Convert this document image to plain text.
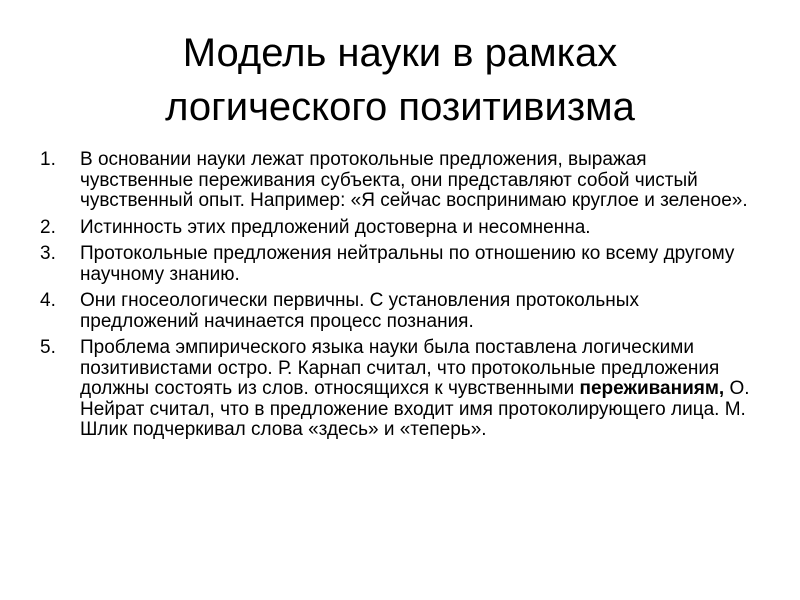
Модель науки в рамках
логического позитивизма
1.	В основании науки лежат протокольные предложения, выражая чувственные переживания субъекта, они представляют собой чистый чувственный опыт. Например: «Я сейчас воспринимаю круглое и зеленое».
2.	Истинность этих предложений достоверна и несомненна.
3.	Протокольные предложения нейтральны по отношению ко всему другому научному знанию.
4.	Они гносеологически первичны. С установления протокольных предложений начинается процесс познания.
5.	Проблема эмпирического языка науки была поставлена логическими позитивистами остро. Р. Карнап считал, что протокольные предложения должны состоять из слов. относящихся к чувственными переживаниям, О. Нейрат считал, что в предложение входит имя протоколирующего лица. М. Шлик подчеркивал слова «здесь» и «теперь».
